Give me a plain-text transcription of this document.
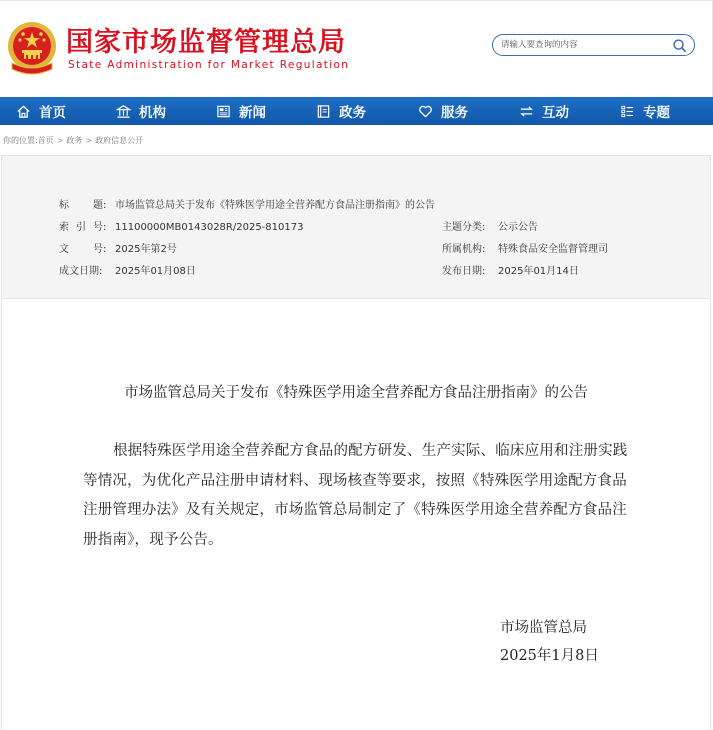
国家市场监督管理总局
State Administration for Market Regulation
请输入要查询的内容
首页	机构	新闻	政务	服务	互动	专题
你的位置:首页 > 政务 > 政府信息公开
标 题 : 市场监管总局关于发布《特殊医学用途全营养配方食品注册指南》的公告
索 引 号 : 11100000MB0143028R/2025-810173	主题分类: 公示公告
文 号 : 2025年第2号	所属机构: 特殊食品安全监督管理司
成文日期: 2025年01月08日	发布日期: 2025年01月14日
市场监管总局关于发布《特殊医学用途全营养配方食品注册指南》的公告
根据特殊医学用途全营养配方食品的配方研发、生产实际、临床应用和注册实践等情况，为优化产品注册申请材料、现场核查等要求，按照《特殊医学用途配方食品注册管理办法》及有关规定，市场监管总局制定了《特殊医学用途全营养配方食品注册指南》，现予公告。
市场监管总局
2025年1月8日
